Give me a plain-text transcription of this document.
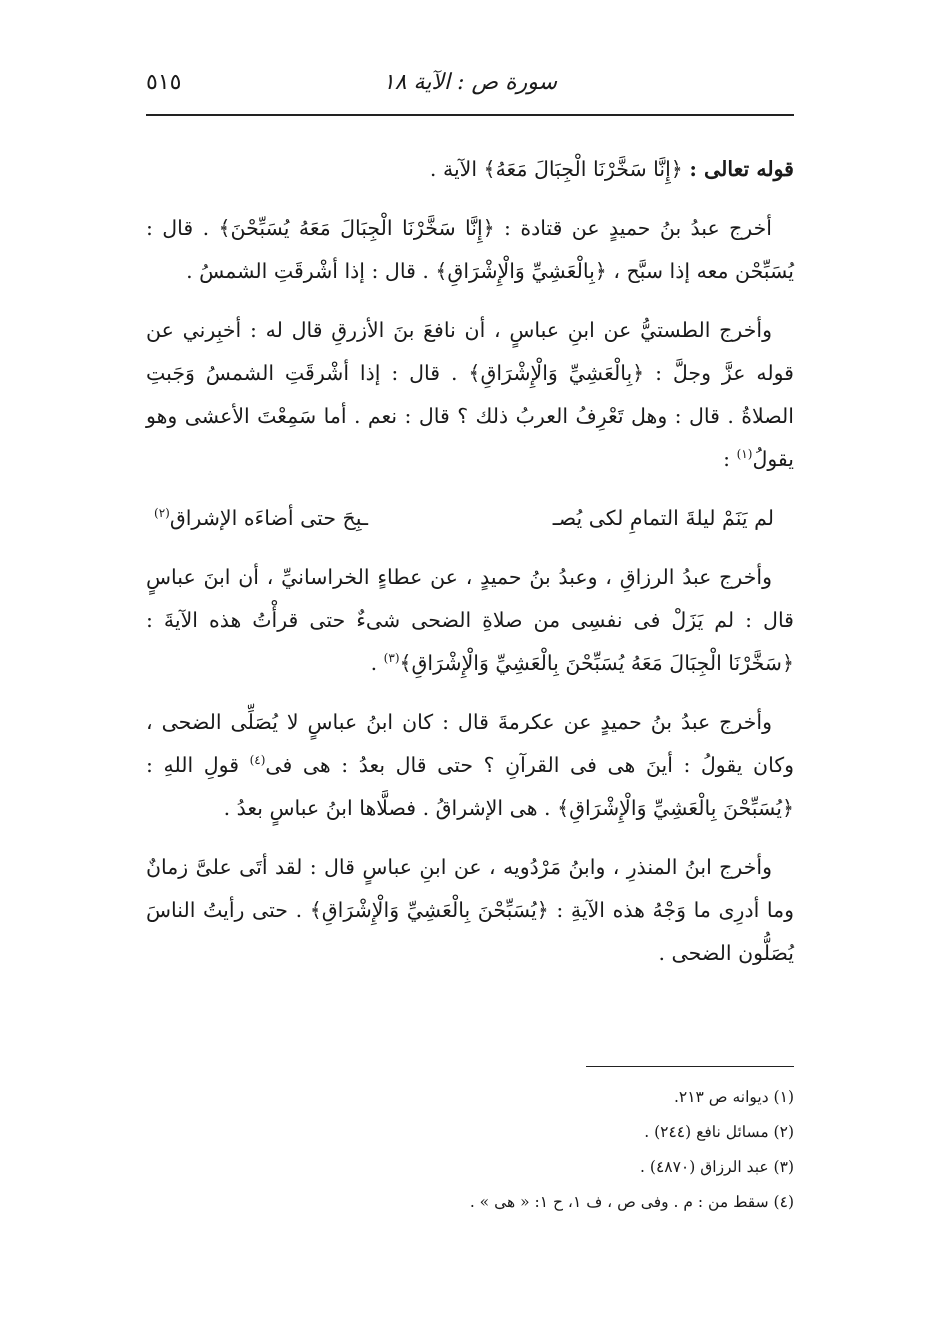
سورة ص : الآية ١٨
٥١٥

قوله تعالى : ﴿إِنَّا سَخَّرْنَا الْجِبَالَ مَعَهُ﴾ الآية .

أخرج عبدُ بنُ حميدٍ عن قتادة : ﴿إِنَّا سَخَّرْنَا الْجِبَالَ مَعَهُ يُسَبِّحْنَ﴾ . قال : يُسَبِّحْن معه إذا سبَّح ، ﴿بِالْعَشِيِّ وَالْإِشْرَاقِ﴾ . قال : إذا أشْرقَتِ الشمسُ .

وأخرج الطستيُّ عن ابنِ عباسٍ ، أن نافعَ بنَ الأزرقِ قال له : أخبِرني عن قوله عزَّ وجلَّ : ﴿بِالْعَشِيِّ وَالْإِشْرَاقِ﴾ . قال : إذا أشْرقَتِ الشمسُ وَجَبتِ الصلاةُ . قال : وهل تَعْرِفُ العربُ ذلك ؟ قال : نعم . أما سَمِعْتَ الأعشى وهو يقولُ$^{(١)}$ :

لم يَنَمْ ليلةَ التمامِ لكى يُصـ
ـبِحَ حتى أضاءَه الإشراق$^{(٢)}$

وأخرج عبدُ الرزاقِ ، وعبدُ بنُ حميدٍ ، عن عطاءٍ الخراسانيِّ ، أن ابنَ عباسٍ قال : لم يَزَلْ فى نفسِى من صلاةِ الضحى شىءٌ حتى قرأْتُ هذه الآيةَ : ﴿سَخَّرْنَا الْجِبَالَ مَعَهُ يُسَبِّحْنَ بِالْعَشِيِّ وَالْإِشْرَاقِ﴾$^{(٣)}$ .

وأخرج عبدُ بنُ حميدٍ عن عكرمةَ قال : كان ابنُ عباسٍ لا يُصَلِّى الضحى ، وكان يقولُ : أينَ هى فى القرآنِ ؟ حتى قال بعدُ : هى فى$^{(٤)}$ قولِ اللهِ : ﴿يُسَبِّحْنَ بِالْعَشِيِّ وَالْإِشْرَاقِ﴾ . هى الإشراقُ . فصلَّاها ابنُ عباسٍ بعدُ .

وأخرج ابنُ المنذرِ ، وابنُ مَرْدُويه ، عن ابنِ عباسٍ قال : لقد أتَى علىَّ زمانٌ وما أدرِى ما وَجْهُ هذه الآيةِ : ﴿يُسَبِّحْنَ بِالْعَشِيِّ وَالْإِشْرَاقِ﴾ . حتى رأيتُ الناسَ يُصَلُّون الضحى .

(١) ديوانه ص ٢١٣.

(٢) مسائل نافع (٢٤٤) .

(٣) عبد الرزاق (٤٨٧٠) .

(٤) سقط من : م . وفى ص ، ف ١، ح ١: « هى » .
